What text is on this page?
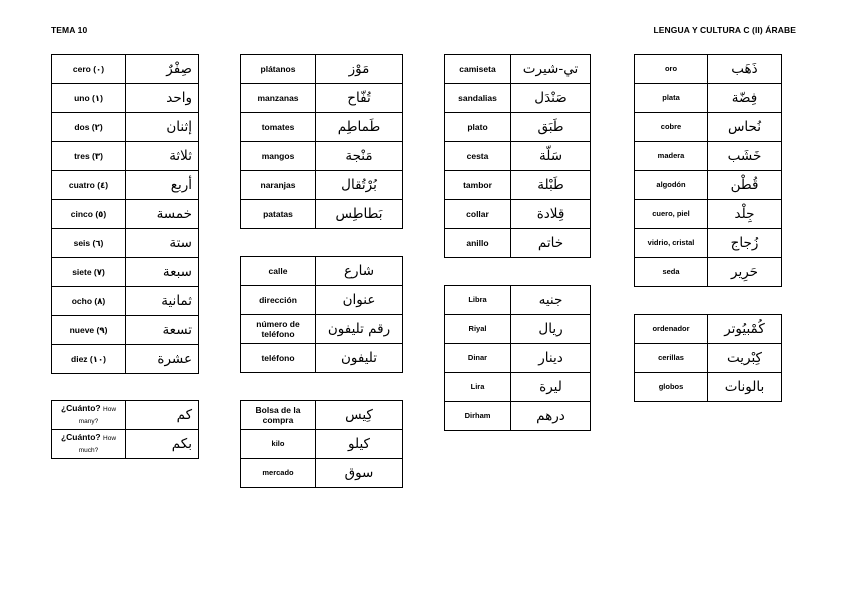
TEMA 10	LENGUA Y CULTURA C (II) ÁRABE
cero (٠)	صِفْرٌ
uno (١)	واحد
dos (٢)	إثنان
tres (٣)	ثلاثة
cuatro (٤)	أربع
cinco (٥)	خمسة
seis (٦)	ستة
siete (٧)	سبعة
ocho (٨)	ثمانية
nueve (٩)	تسعة
diez (١٠)	عشرة
¿Cuánto? How many?	كم
¿Cuánto? How much?	بكم
plátanos	مَوْز
manzanas	تُفّاح
tomates	طَماطِم
mangos	مَنْجة
naranjas	بُرْتُقال
patatas	بَطاطِس
calle	شارع
dirección	عنوان
número de teléfono	رقم تليفون
teléfono	تليفون
Bolsa de la compra	كِيس
kilo	كيلو
mercado	سوق
camiseta	تي-شيرت
sandalias	صَنْدَل
plato	طَبَق
cesta	سَلّة
tambor	طَبْلة
collar	قِلادة
anillo	خاتم
Libra	جنيه
Riyal	ريال
Dinar	دينار
Lira	ليرة
Dirham	درهم
oro	ذَهَب
plata	فِضّة
cobre	نُحاس
madera	خَشَب
algodón	قُطْن
cuero, piel	جِلْد
vidrio, cristal	زُجاج
seda	حَرِير
ordenador	كُمْبيُوتر
cerillas	كِبْريت
globos	بالونات
